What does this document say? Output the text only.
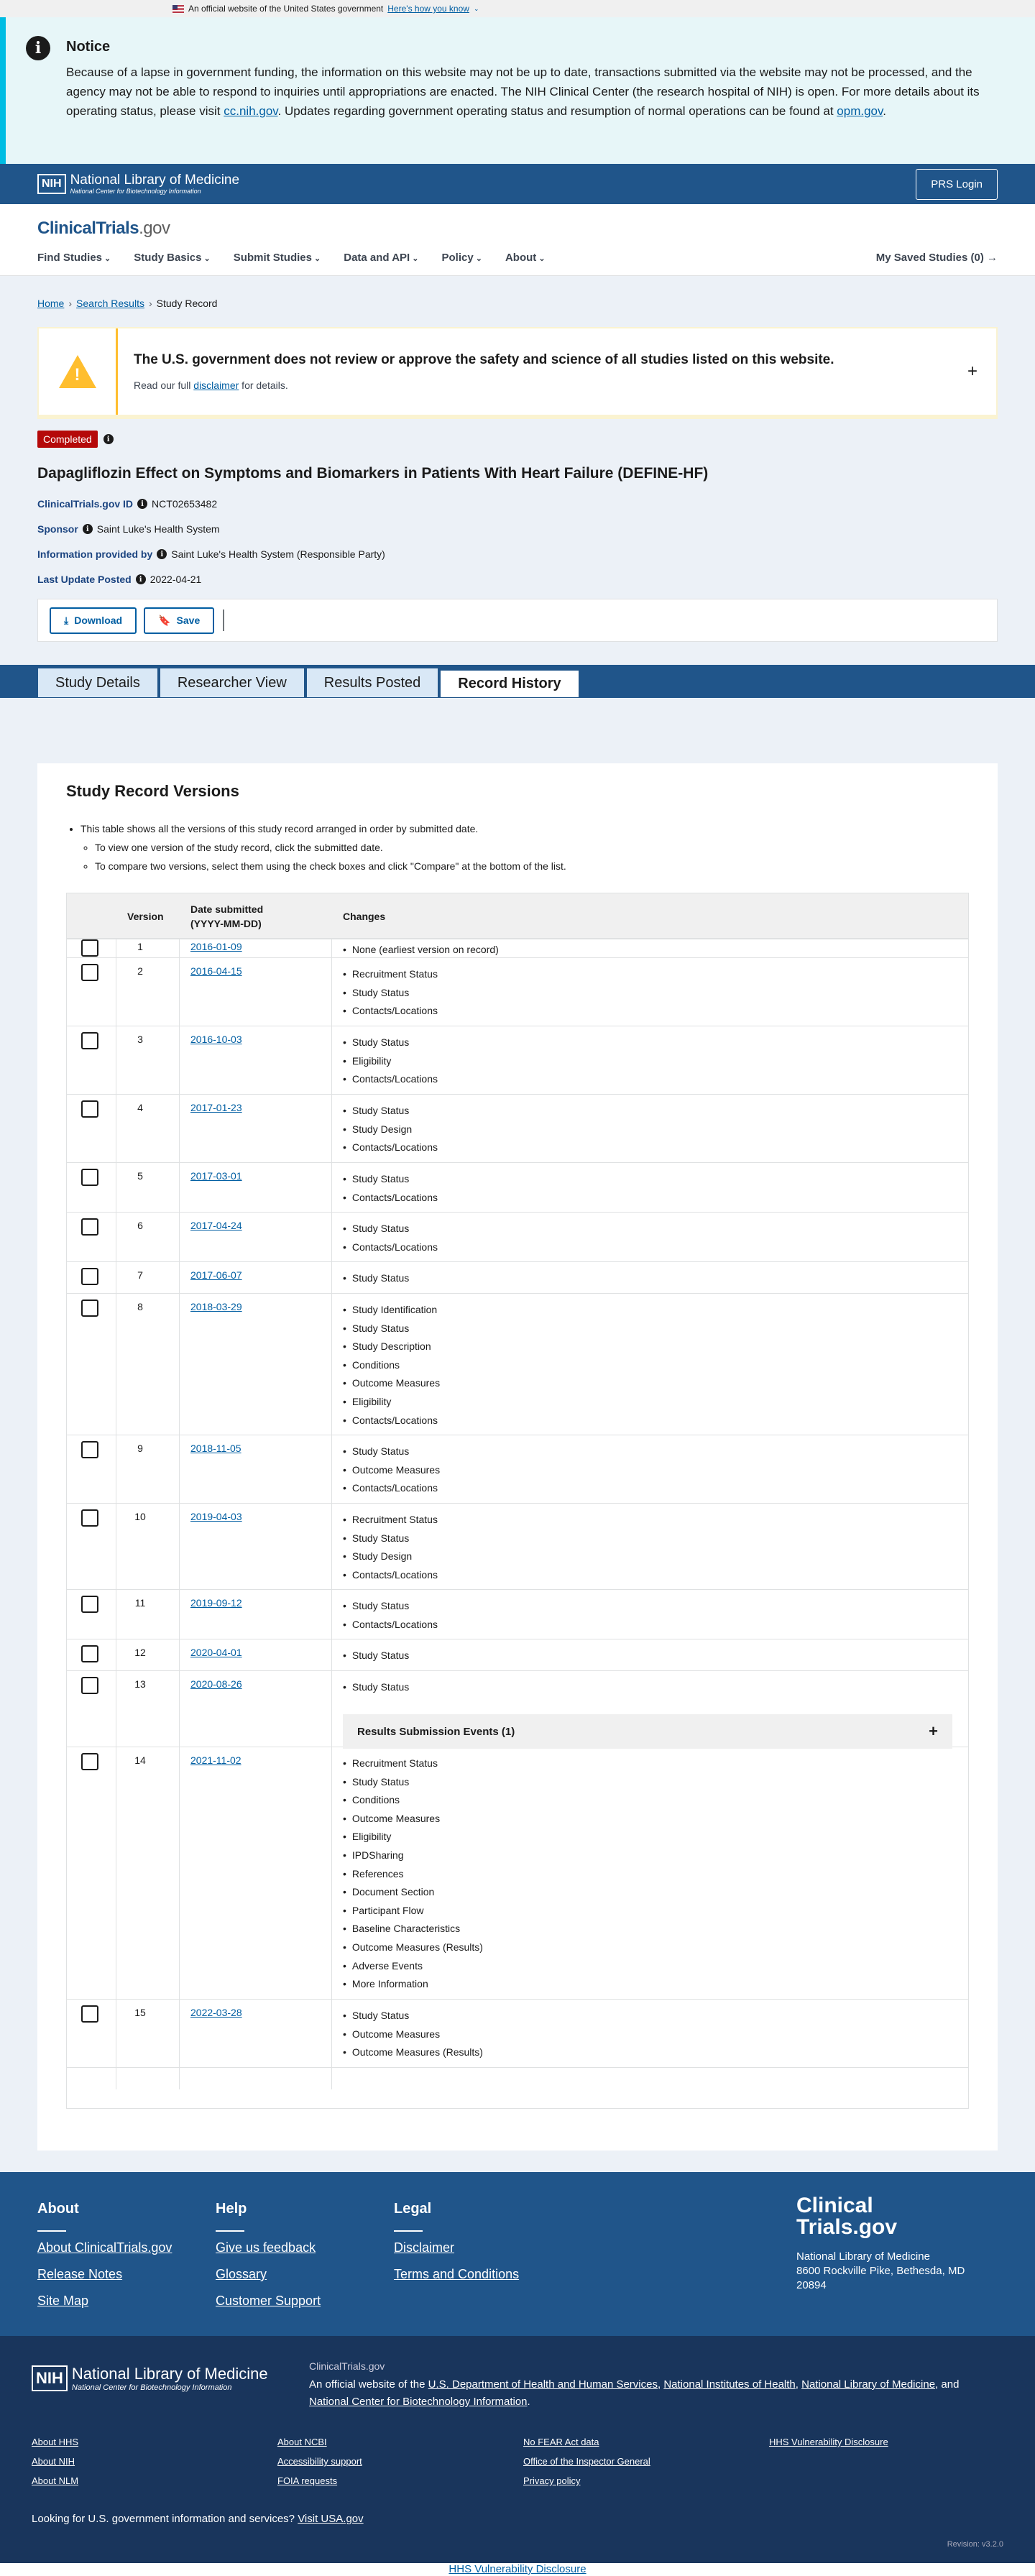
An official website of the United States government Here's how you know ⌄
i	Notice

Because of a lapse in government funding, the information on this website may not be up to date, transactions submitted via the website may not be processed, and the agency may not be able to respond to inquiries until appropriations are enacted. The NIH Clinical Center (the research hospital of NIH) is open. For more details about its operating status, please visit cc.nih.gov. Updates regarding government operating status and resumption of normal operations can be found at opm.gov.

NIH National Library of Medicine
National Center for Biotechnology Information
PRS Login
ClinicalTrials.gov
Find Studies ⌄ Study Basics ⌄ Submit Studies ⌄ Data and API ⌄ Policy ⌄ About ⌄	My Saved Studies (0) →
Home › Search Results › Study Record
!
The U.S. government does not review or approve the safety and science of all studies listed on this website.

Read our full disclaimer for details.

+
Completed	i
Dapagliflozin Effect on Symptoms and Biomarkers in Patients With Heart Failure (DEFINE-HF)
ClinicalTrials.gov ID	i NCT02653482
Sponsor	i Saint Luke's Health System
Information provided by	i Saint Luke's Health System (Responsible Party)
Last Update Posted	i 2022-04-21
⤓ Download	🔖 Save
Study Details	Researcher View	Results Posted	Record History
Study Record Versions
• This table shows all the versions of this study record arranged in order by submitted date.
◦ To view one version of the study record, click the submitted date.
◦ To compare two versions, select them using the check boxes and click "Compare" at the bottom of the list.
Version
Date submitted
(YYYY-MM-DD)
Changes
1	2016-01-09	• None (earliest version on record)
2	2016-04-15	• Recruitment Status
• Study Status
• Contacts/Locations
3	2016-10-03	• Study Status
• Eligibility
• Contacts/Locations
4	2017-01-23	• Study Status
• Study Design
• Contacts/Locations
5	2017-03-01	• Study Status
• Contacts/Locations
6	2017-04-24	• Study Status
• Contacts/Locations
7	2017-06-07	• Study Status
8	2018-03-29	• Study Identification
• Study Status
• Study Description
• Conditions
• Outcome Measures
• Eligibility
• Contacts/Locations
9	2018-11-05	• Study Status
• Outcome Measures
• Contacts/Locations
10	2019-04-03	• Recruitment Status
• Study Status
• Study Design
• Contacts/Locations
11	2019-09-12	• Study Status
• Contacts/Locations
12	2020-04-01	• Study Status
13	2020-08-26	• Study Status
Results Submission Events (1)	+
14	2021-11-02	• Recruitment Status
• Study Status
• Conditions
• Outcome Measures
• Eligibility
• IPDSharing
• References
• Document Section
• Participant Flow
• Baseline Characteristics
• Outcome Measures (Results)
• Adverse Events
• More Information
15	2022-03-28	• Study Status
• Outcome Measures
• Outcome Measures (Results)
About
About ClinicalTrials.gov
Release Notes
Site Map
Help
Give us feedback
Glossary
Customer Support
Legal
Disclaimer
Terms and Conditions
Clinical
Trials.gov
National Library of Medicine
8600 Rockville Pike, Bethesda, MD
20894
NIH National Library of Medicine
National Center for Biotechnology Information
ClinicalTrials.gov
An official website of the U.S. Department of Health and Human Services, National Institutes of Health, National Library of Medicine, and National Center for Biotechnology Information.
About HHS
About NIH
About NLM
About NCBI
Accessibility support
FOIA requests
No FEAR Act data
Office of the Inspector General
Privacy policy
HHS Vulnerability Disclosure
Looking for U.S. government information and services? Visit USA.gov
Revision: v3.2.0
HHS Vulnerability Disclosure
